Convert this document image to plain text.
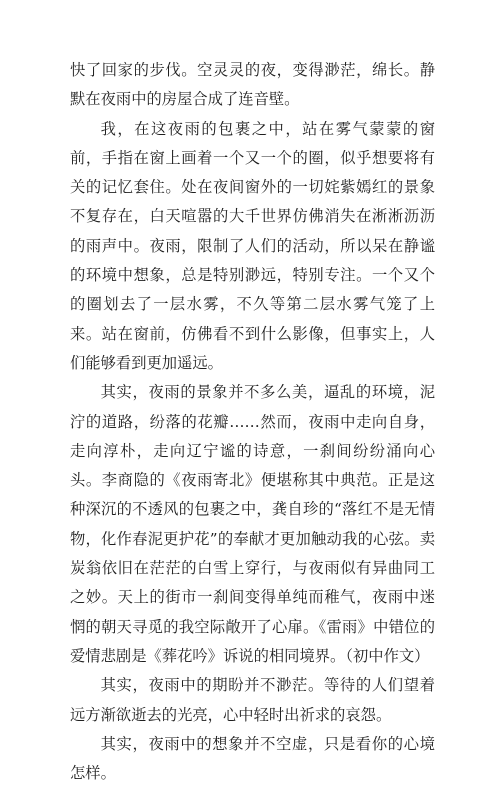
快了回家的步伐。空灵灵的夜，变得渺茫，绵长。静默在夜雨中的房屋合成了连音壁。

我，在这夜雨的包裹之中，站在雾气蒙蒙的窗前，手指在窗上画着一个又一个的圈，似乎想要将有关的记忆套住。处在夜间窗外的一切姹紫嫣红的景象不复存在，白天喧嚣的大千世界仿佛消失在淅淅沥沥的雨声中。夜雨，限制了人们的活动，所以呆在静谧的环境中想象，总是特别渺远，特别专注。一个又个的圈划去了一层水雾，不久等第二层水雾气笼了上来。站在窗前，仿佛看不到什么影像，但事实上，人们能够看到更加遥远。

其实，夜雨的景象并不多么美，逼乱的环境，泥泞的道路，纷落的花瓣……然而，夜雨中走向自身，走向淳朴，走向辽宁谧的诗意，一刹间纷纷涌向心头。李商隐的《夜雨寄北》便堪称其中典范。正是这种深沉的不透风的包裹之中，龚自珍的“落红不是无情物，化作春泥更护花”的奉献才更加触动我的心弦。卖炭翁依旧在茫茫的白雪上穿行，与夜雨似有异曲同工之妙。天上的街市一刹间变得单纯而稚气，夜雨中迷惘的朝天寻觅的我空际敞开了心扉。《雷雨》中错位的爱情悲剧是《葬花吟》诉说的相同境界。（初中作文）

其实，夜雨中的期盼并不渺茫。等待的人们望着远方渐欲逝去的光亮，心中轻时出祈求的哀怨。

其实，夜雨中的想象并不空虚，只是看你的心境怎样。
